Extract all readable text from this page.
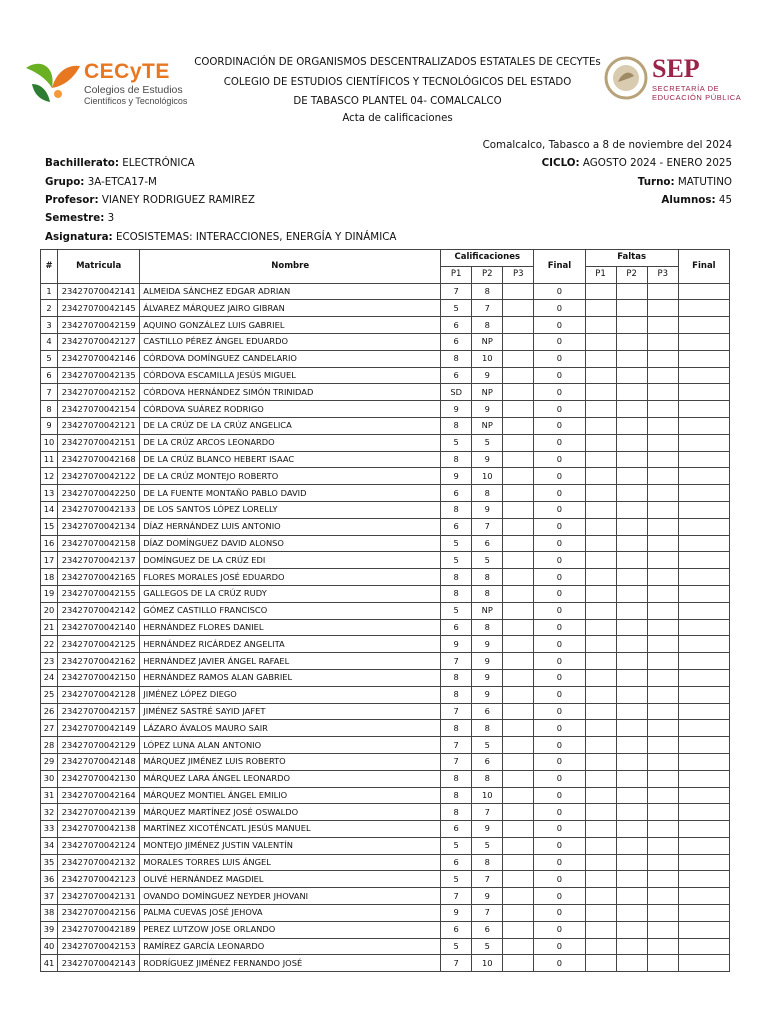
CECyTE
Colegios de Estudios
Científicos y Tecnológicos
SEP
SECRETARÍA DE
EDUCACIÓN PÚBLICA
COORDINACIÓN DE ORGANISMOS DESCENTRALIZADOS ESTATALES DE CECYTEs
COLEGIO DE ESTUDIOS CIENTÍFICOS Y TECNOLÓGICOS DEL ESTADO
DE TABASCO PLANTEL 04- COMALCALCO
Acta de calificaciones
Comalcalco, Tabasco a 8 de noviembre del 2024
Bachillerato: ELECTRÓNICA	CICLO: AGOSTO 2024 - ENERO 2025
Grupo: 3A-ETCA17-M	Turno: MATUTINO
Profesor: VIANEY RODRIGUEZ RAMIREZ	Alumnos: 45
Semestre: 3
Asignatura: ECOSISTEMAS: INTERACCIONES, ENERGÍA Y DINÁMICA
#	Matricula	Nombre	Calificaciones			Final	Faltas			Final
			P1	P2	P3		P1	P2	P3	
1	23427070042141	ALMEIDA SÁNCHEZ EDGAR ADRIAN	7	8		0				
2	23427070042145	ÁLVAREZ MÁRQUEZ JAIRO GIBRAN	5	7		0				
3	23427070042159	AQUINO GONZÁLEZ LUIS GABRIEL	6	8		0				
4	23427070042127	CASTILLO PÉREZ ÁNGEL EDUARDO	6	NP		0				
5	23427070042146	CÓRDOVA DOMÍNGUEZ CANDELARIO	8	10		0				
6	23427070042135	CÓRDOVA ESCAMILLA JESÚS MIGUEL	6	9		0				
7	23427070042152	CÓRDOVA HERNÁNDEZ SIMÓN TRINIDAD	SD	NP		0				
8	23427070042154	CÓRDOVA SUÁREZ RODRIGO	9	9		0				
9	23427070042121	DE LA CRÚZ DE LA CRÚZ ANGELICA	8	NP		0				
10	23427070042151	DE LA CRÚZ ARCOS LEONARDO	5	5		0				
11	23427070042168	DE LA CRÚZ BLANCO HEBERT ISAAC	8	9		0				
12	23427070042122	DE LA CRÚZ MONTEJO ROBERTO	9	10		0				
13	23427070042250	DE LA FUENTE MONTAÑO PABLO DAVID	6	8		0				
14	23427070042133	DE LOS SANTOS LÓPEZ LORELLY	8	9		0				
15	23427070042134	DÍAZ HERNÁNDEZ LUIS ANTONIO	6	7		0				
16	23427070042158	DÍAZ DOMÍNGUEZ DAVID ALONSO	5	6		0				
17	23427070042137	DOMÍNGUEZ DE LA CRÚZ EDI	5	5		0				
18	23427070042165	FLORES MORALES JOSÉ EDUARDO	8	8		0				
19	23427070042155	GALLEGOS DE LA CRÚZ RUDY	8	8		0				
20	23427070042142	GÓMEZ CASTILLO FRANCISCO	5	NP		0				
21	23427070042140	HERNÁNDEZ FLORES DANIEL	6	8		0				
22	23427070042125	HERNÁNDEZ RICÁRDEZ ANGELITA	9	9		0				
23	23427070042162	HERNÁNDEZ JAVIER ÁNGEL RAFAEL	7	9		0				
24	23427070042150	HERNÁNDEZ RAMOS ALAN GABRIEL	8	9		0				
25	23427070042128	JIMÉNEZ LÓPEZ DIEGO	8	9		0				
26	23427070042157	JIMÉNEZ SASTRÉ SAYID JAFET	7	6		0				
27	23427070042149	LÁZARO ÁVALOS MAURO SAIR	8	8		0				
28	23427070042129	LÓPEZ LUNA ALAN ANTONIO	7	5		0				
29	23427070042148	MÁRQUEZ JIMÉNEZ LUIS ROBERTO	7	6		0				
30	23427070042130	MÁRQUEZ LARA ÁNGEL LEONARDO	8	8		0				
31	23427070042164	MÁRQUEZ MONTIEL ÁNGEL EMILIO	8	10		0				
32	23427070042139	MÁRQUEZ MARTÍNEZ JOSÉ OSWALDO	8	7		0				
33	23427070042138	MARTÍNEZ XICOTÉNCATL JESÚS MANUEL	6	9		0				
34	23427070042124	MONTEJO JIMÉNEZ JUSTIN VALENTÍN	5	5		0				
35	23427070042132	MORALES TORRES LUIS ÁNGEL	6	8		0				
36	23427070042123	OLIVÉ HERNÁNDEZ MAGDIEL	5	7		0				
37	23427070042131	OVANDO DOMÍNGUEZ NEYDER JHOVANI	7	9		0				
38	23427070042156	PALMA CUEVAS JOSÉ JEHOVA	9	7		0				
39	23427070042189	PEREZ LUTZOW JOSE ORLANDO	6	6		0				
40	23427070042153	RAMÍREZ GARCÍA LEONARDO	5	5		0				
41	23427070042143	RODRÍGUEZ JIMÉNEZ FERNANDO JOSÉ	7	10		0				
